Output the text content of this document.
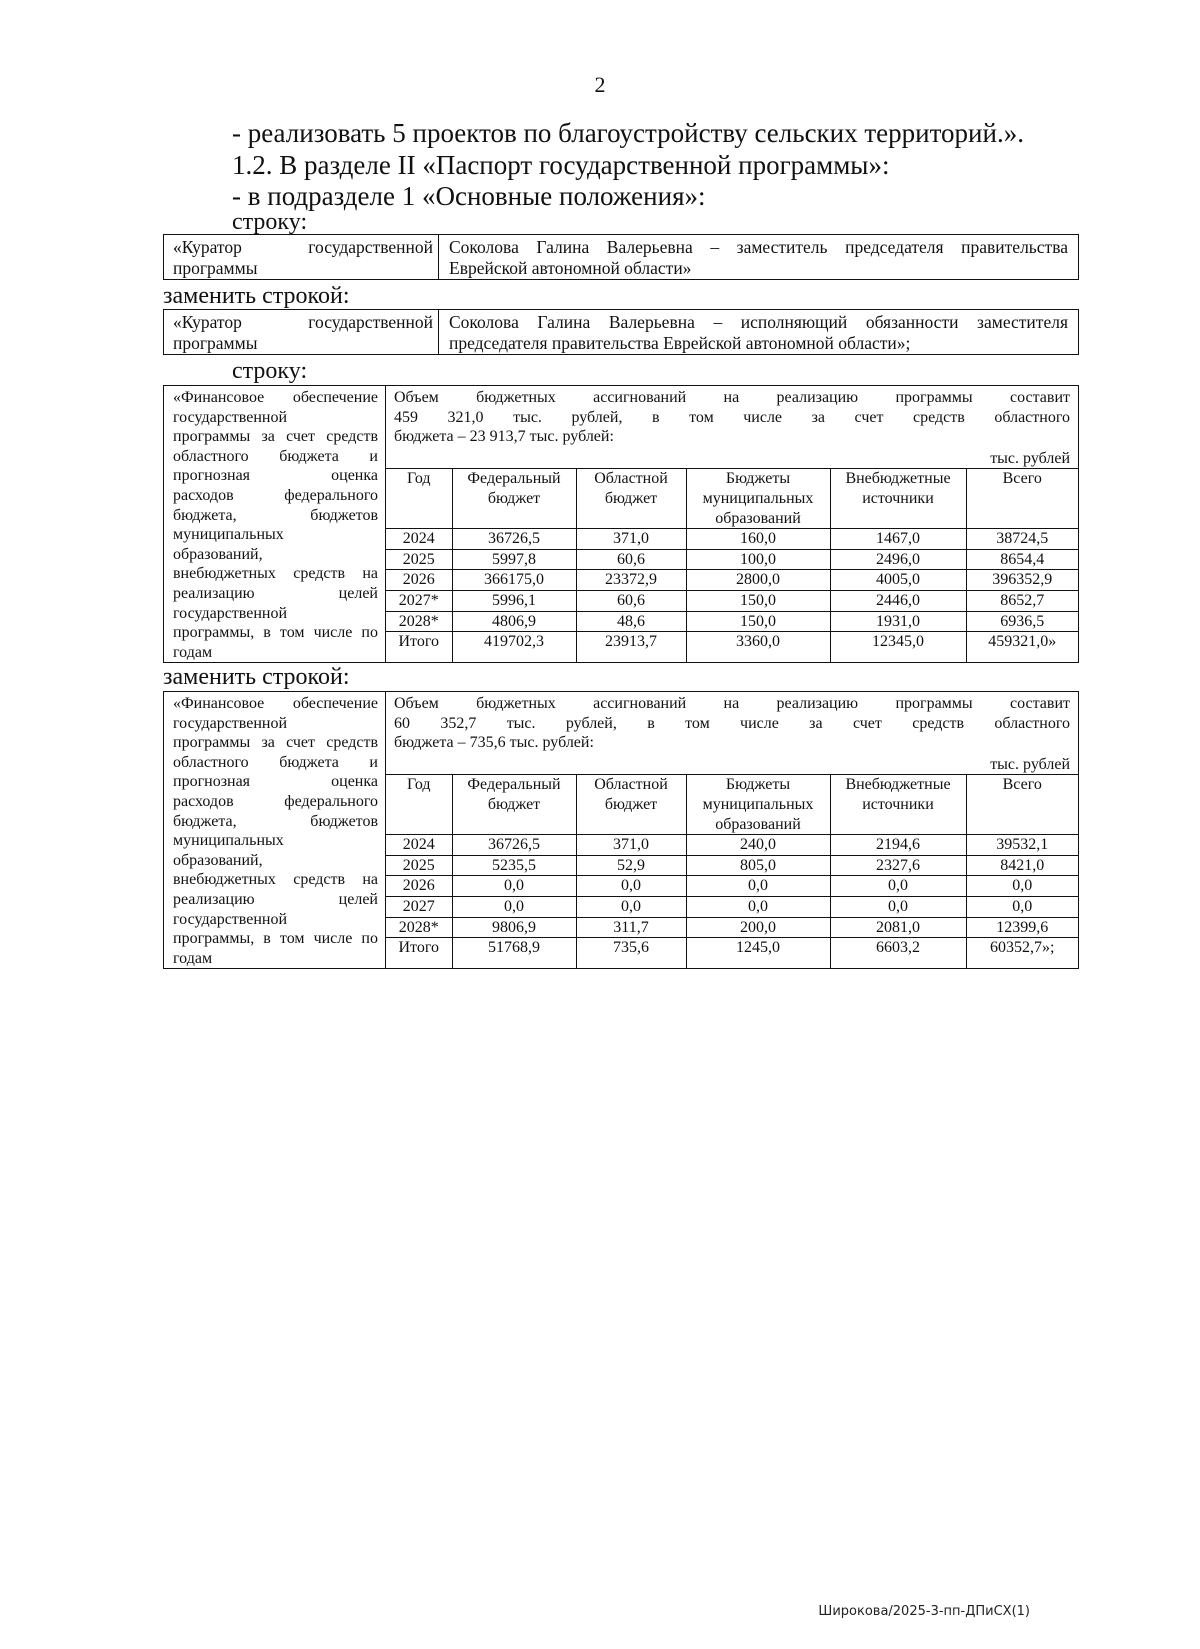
2
- реализовать 5 проектов по благоустройству сельских территорий.».
1.2. В разделе II «Паспорт государственной программы»:
- в подразделе 1 «Основные положения»:
строку:
«Куратор государственной
программы

Соколова Галина Валерьевна – заместитель председателя правительства
Еврейской автономной области»
заменить строкой:
«Куратор государственной
программы

Соколова Галина Валерьевна – исполняющий обязанности заместителя
председателя правительства Еврейской автономной области»;
строку:
«Финансовое обеспечение
государственной
программы за счет средств
областного бюджета и
прогнозная оценка
расходов федерального
бюджета, бюджетов
муниципальных
образований,
внебюджетных средств на
реализацию целей
государственной
программы, в том числе по
годам

Объем бюджетных ассигнований на реализацию программы составит
459 321,0 тыс. рублей, в том числе за счет средств областного
бюджета – 23 913,7 тыс. рублей:
тыс. рублей
Год	Федеральный бюджет	Областной бюджет	Бюджеты муниципальных образований	Внебюджетные источники	Всего
2024	36726,5	371,0	160,0	1467,0	38724,5
2025	5997,8	60,6	100,0	2496,0	8654,4
2026	366175,0	23372,9	2800,0	4005,0	396352,9
2027*	5996,1	60,6	150,0	2446,0	8652,7
2028*	4806,9	48,6	150,0	1931,0	6936,5
Итого	419702,3	23913,7	3360,0	12345,0	459321,0»
заменить строкой:
«Финансовое обеспечение
государственной
программы за счет средств
областного бюджета и
прогнозная оценка
расходов федерального
бюджета, бюджетов
муниципальных
образований,
внебюджетных средств на
реализацию целей
государственной
программы, в том числе по
годам

Объем бюджетных ассигнований на реализацию программы составит
60 352,7 тыс. рублей, в том числе за счет средств областного
бюджета – 735,6 тыс. рублей:
тыс. рублей
Год	Федеральный бюджет	Областной бюджет	Бюджеты муниципальных образований	Внебюджетные источники	Всего
2024	36726,5	371,0	240,0	2194,6	39532,1
2025	5235,5	52,9	805,0	2327,6	8421,0
2026	0,0	0,0	0,0	0,0	0,0
2027	0,0	0,0	0,0	0,0	0,0
2028*	9806,9	311,7	200,0	2081,0	12399,6
Итого	51768,9	735,6	1245,0	6603,2	60352,7»;
Широкова/2025-3-пп-ДПиСХ(1)
